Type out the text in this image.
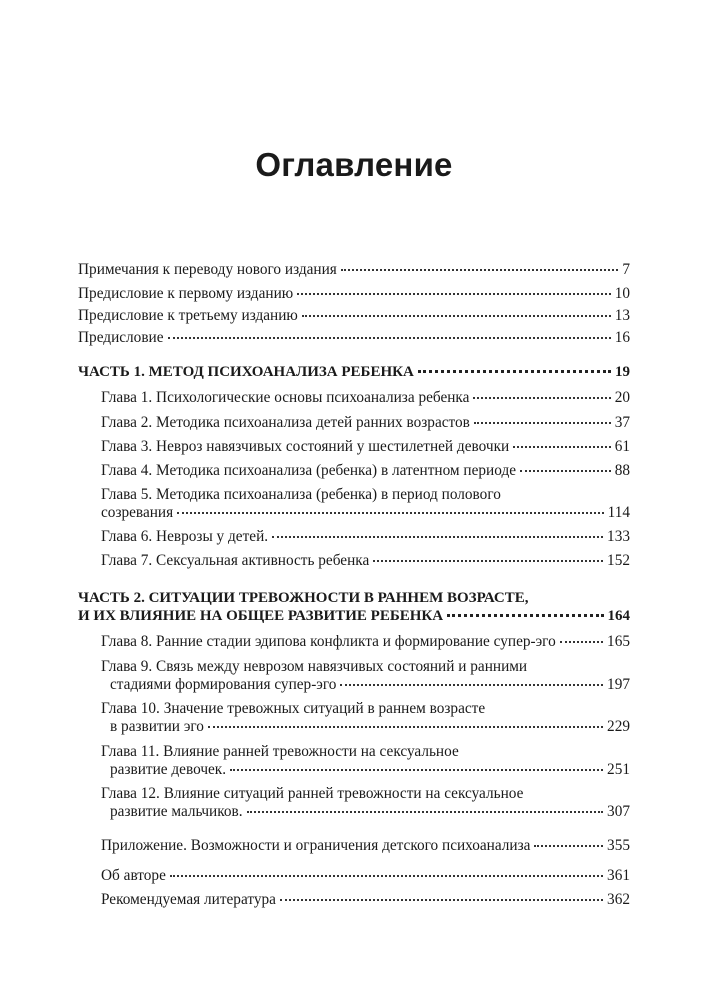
Оглавление
Примечания к переводу нового издания	7
Предисловие к первому изданию	10
Предисловие к третьему изданию	13
Предисловие	16
ЧАСТЬ 1. МЕТОД ПСИХОАНАЛИЗА РЕБЕНКА	19
Глава 1. Психологические основы психоанализа ребенка	20
Глава 2. Методика психоанализа детей ранних возрастов	37
Глава 3. Невроз навязчивых состояний у шестилетней девочки	61
Глава 4. Методика психоанализа (ребенка) в латентном периоде	88
Глава 5. Методика психоанализа (ребенка) в период полового
созревания	114
Глава 6. Неврозы у детей.	133
Глава 7. Сексуальная активность ребенка	152
ЧАСТЬ 2. СИТУАЦИИ ТРЕВОЖНОСТИ В РАННЕМ ВОЗРАСТЕ,
И ИХ ВЛИЯНИЕ НА ОБЩЕЕ РАЗВИТИЕ РЕБЕНКА	164
Глава 8. Ранние стадии эдипова конфликта и формирование супер-эго	165
Глава 9. Связь между неврозом навязчивых состояний и ранними
стадиями формирования супер-эго	197
Глава 10. Значение тревожных ситуаций в раннем возрасте
в развитии эго	229
Глава 11. Влияние ранней тревожности на сексуальное
развитие девочек.	251
Глава 12. Влияние ситуаций ранней тревожности на сексуальное
развитие мальчиков.	307
Приложение. Возможности и ограничения детского психоанализа	355
Об авторе	361
Рекомендуемая литература	362
